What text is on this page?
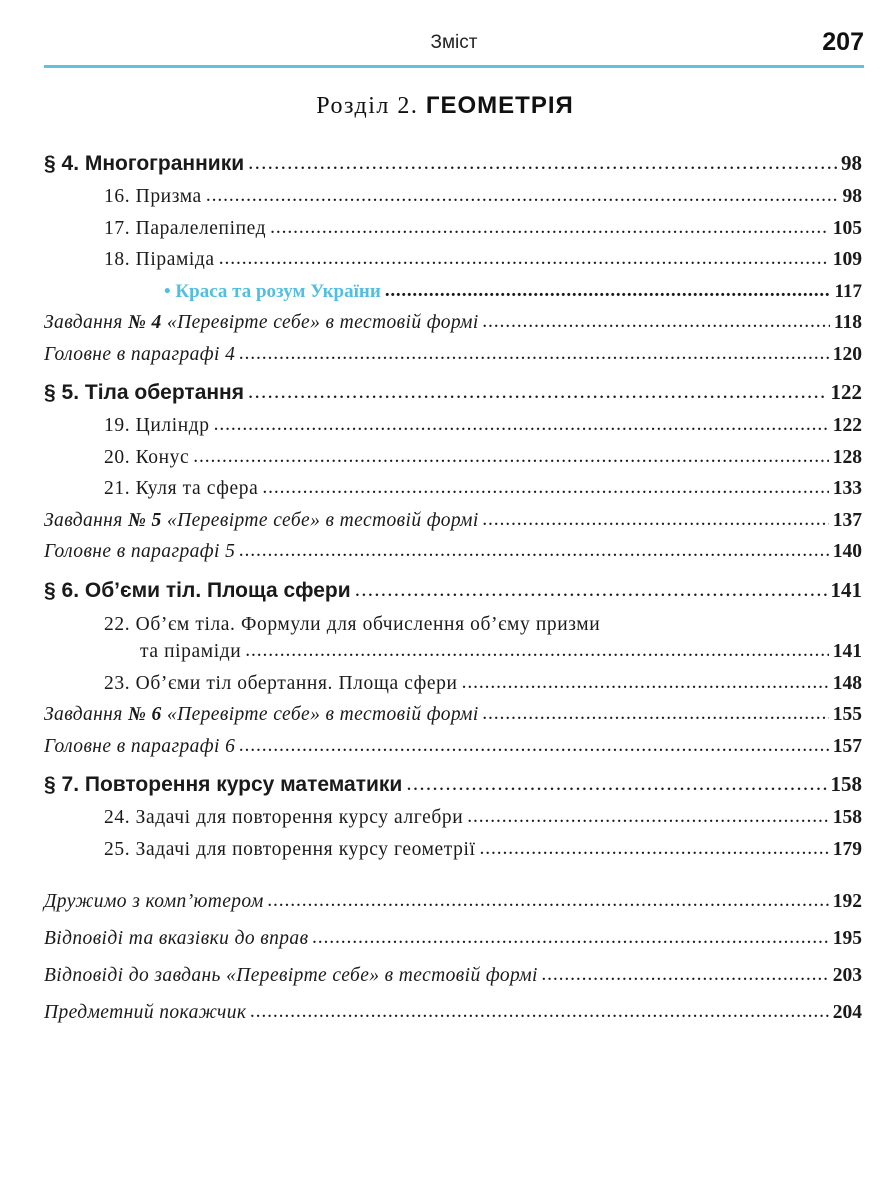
Зміст	207
Розділ 2. ГЕОМЕТРІЯ
§ 4. Многогранники . . .	98
16. Призма . . .	98
17. Паралелепіпед . . .	105
18. Піраміда . . .	109
• Краса та розум України . . .	117
Завдання № 4 «Перевірте себе» в тестовій формі . . .	118
Головне в параграфі 4 . . .	120
§ 5. Тіла обертання . . .	122
19. Циліндр . . .	122
20. Конус . . .	128
21. Куля та сфера . . .	133
Завдання № 5 «Перевірте себе» в тестовій формі . . .	137
Головне в параграфі 5 . . .	140
§ 6. Об’єми тіл. Площа сфери . . .	141
22. Об’єм тіла. Формули для обчислення об’єму призми
та піраміди . . .	141
23. Об’єми тіл обертання. Площа сфери . . .	148
Завдання № 6 «Перевірте себе» в тестовій формі . . .	155
Головне в параграфі 6 . . .	157
§ 7. Повторення курсу математики . . .	158
24. Задачі для повторення курсу алгебри . . .	158
25. Задачі для повторення курсу геометрії . . .	179
Дружимо з комп’ютером . . .	192
Відповіді та вказівки до вправ . . .	195
Відповіді до завдань «Перевірте себе» в тестовій формі . . .	203
Предметний покажчик . . .	204
